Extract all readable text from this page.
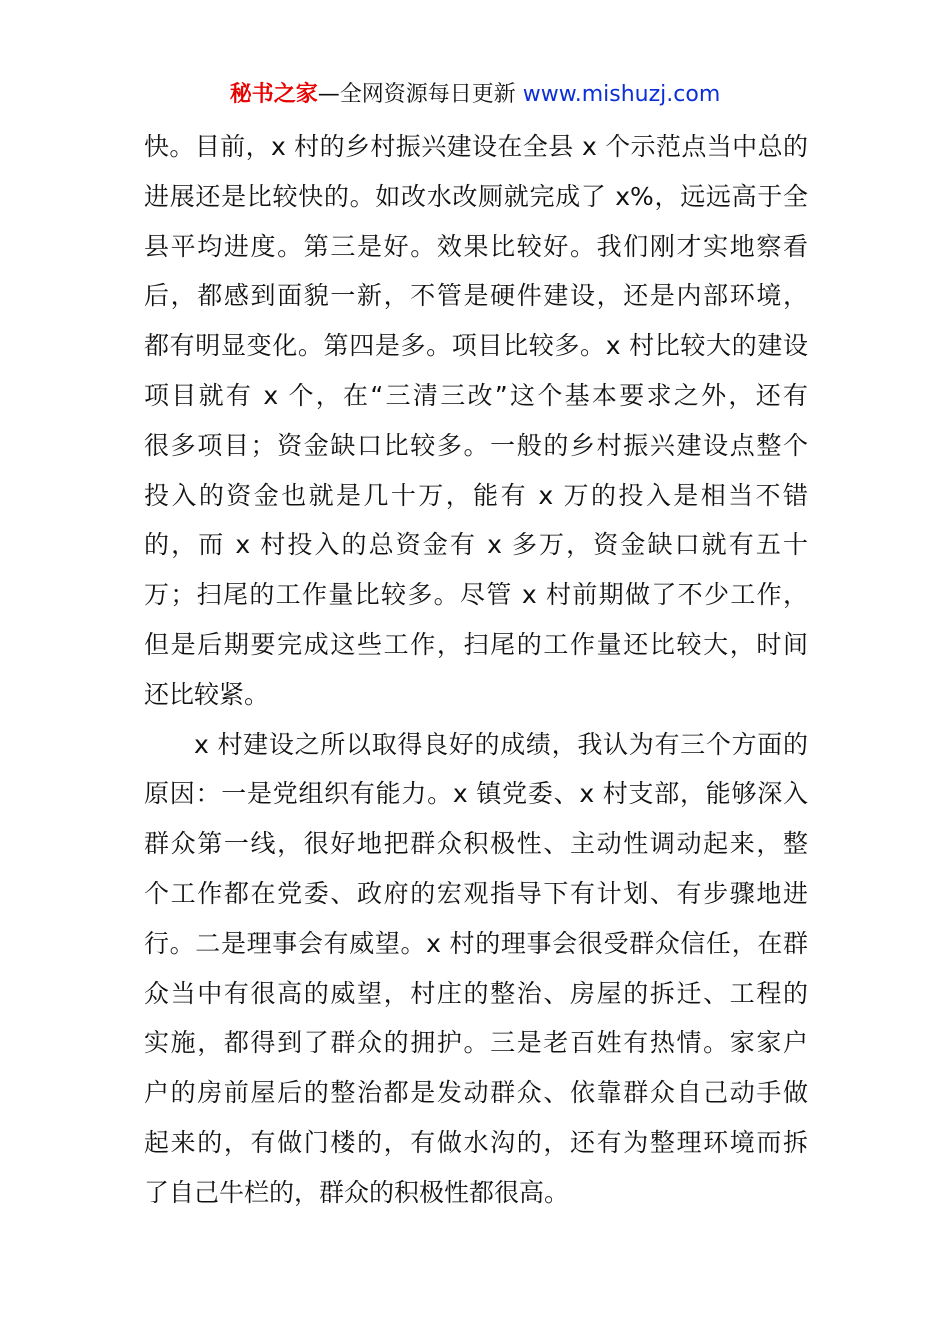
秘书之家—全网资源每日更新 www.mishuzj.com
快。目前，x 村的乡村振兴建设在全县 x 个示范点当中总的
进展还是比较快的。如改水改厕就完成了 x%，远远高于全
县平均进度。第三是好。效果比较好。我们刚才实地察看
后，都感到面貌一新，不管是硬件建设，还是内部环境，
都有明显变化。第四是多。项目比较多。x 村比较大的建设
项目就有 x 个，在“三清三改”这个基本要求之外，还有
很多项目；资金缺口比较多。一般的乡村振兴建设点整个
投入的资金也就是几十万，能有 x 万的投入是相当不错
的，而 x 村投入的总资金有 x 多万，资金缺口就有五十
万；扫尾的工作量比较多。尽管 x 村前期做了不少工作，
但是后期要完成这些工作，扫尾的工作量还比较大，时间
还比较紧。
x 村建设之所以取得良好的成绩，我认为有三个方面的
原因：一是党组织有能力。x 镇党委、x 村支部，能够深入
群众第一线，很好地把群众积极性、主动性调动起来，整
个工作都在党委、政府的宏观指导下有计划、有步骤地进
行。二是理事会有威望。x 村的理事会很受群众信任，在群
众当中有很高的威望，村庄的整治、房屋的拆迁、工程的
实施，都得到了群众的拥护。三是老百姓有热情。家家户
户的房前屋后的整治都是发动群众、依靠群众自己动手做
起来的，有做门楼的，有做水沟的，还有为整理环境而拆
了自己牛栏的，群众的积极性都很高。
